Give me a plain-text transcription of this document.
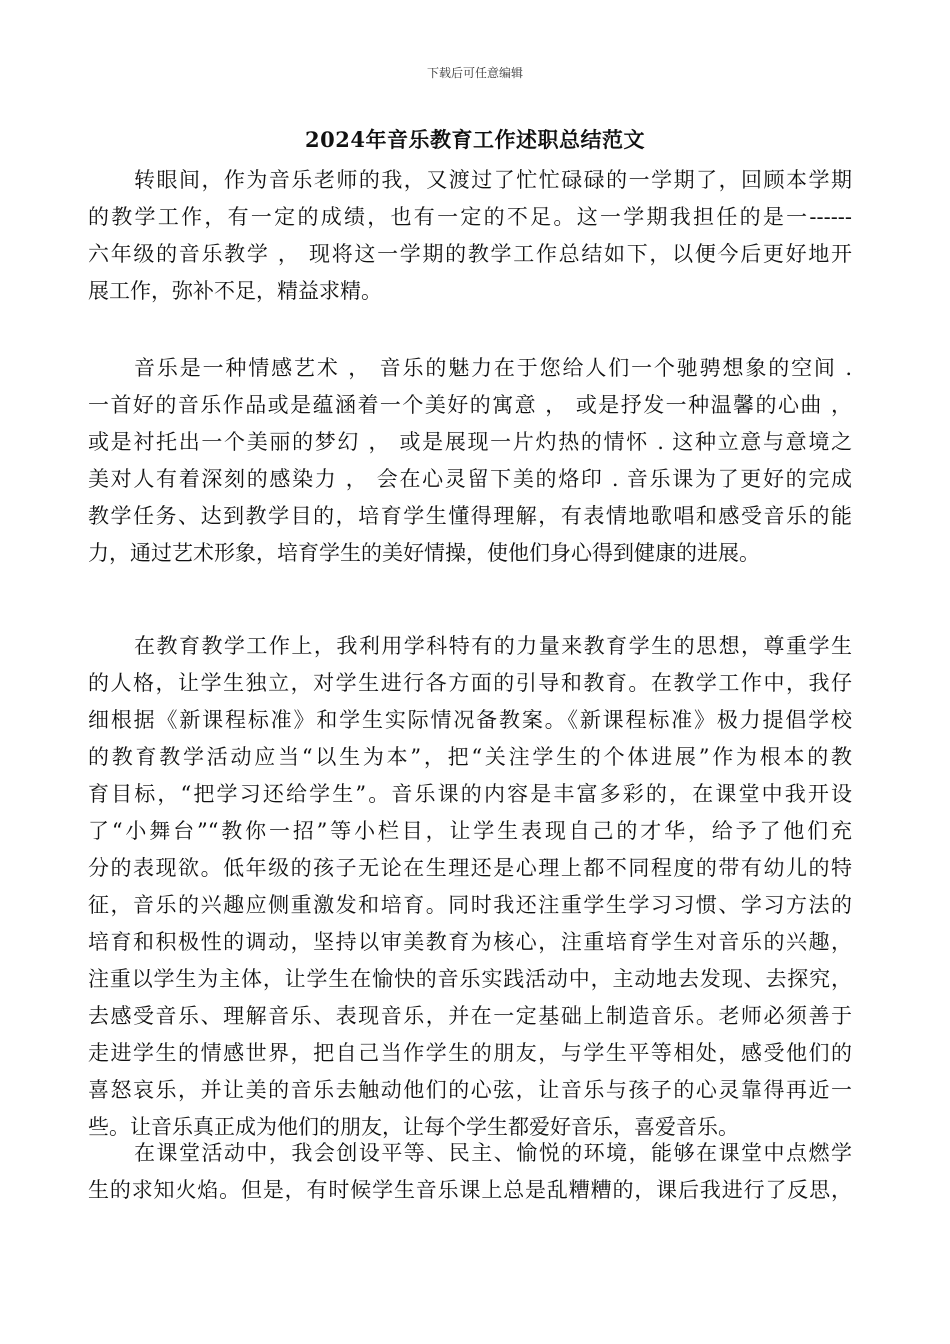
下载后可任意编辑
2024年音乐教育工作述职总结范文
转眼间，作为音乐老师的我，又渡过了忙忙碌碌的一学期了，回顾本学期
的教学工作，有一定的成绩，也有一定的不足。这一学期我担任的是一------
六年级的音乐教学 ， 现将这一学期的教学工作总结如下，以便今后更好地开
展工作，弥补不足，精益求精。
音乐是一种情感艺术 ， 音乐的魅力在于您给人们一个驰骋想象的空间 .
一首好的音乐作品或是蕴涵着一个美好的寓意 ， 或是抒发一种温馨的心曲 ，
或是衬托出一个美丽的梦幻 ， 或是展现一片灼热的情怀 . 这种立意与意境之
美对人有着深刻的感染力 ， 会在心灵留下美的烙印 . 音乐课为了更好的完成
教学任务、达到教学目的，培育学生懂得理解，有表情地歌唱和感受音乐的能
力，通过艺术形象，培育学生的美好情操，使他们身心得到健康的进展。
在教育教学工作上，我利用学科特有的力量来教育学生的思想，尊重学生
的人格，让学生独立，对学生进行各方面的引导和教育。在教学工作中，我仔
细根据《新课程标准》和学生实际情况备教案。《新课程标准》极力提倡学校
的教育教学活动应当“以生为本”，把“关注学生的个体进展”作为根本的教
育目标，“把学习还给学生”。音乐课的内容是丰富多彩的，在课堂中我开设
了“小舞台”“教你一招”等小栏目，让学生表现自己的才华，给予了他们充
分的表现欲。低年级的孩子无论在生理还是心理上都不同程度的带有幼儿的特
征，音乐的兴趣应侧重激发和培育。同时我还注重学生学习习惯、学习方法的
培育和积极性的调动，坚持以审美教育为核心，注重培育学生对音乐的兴趣，
注重以学生为主体，让学生在愉快的音乐实践活动中，主动地去发现、去探究，
去感受音乐、理解音乐、表现音乐，并在一定基础上制造音乐。老师必须善于
走进学生的情感世界，把自己当作学生的朋友，与学生平等相处，感受他们的
喜怒哀乐，并让美的音乐去触动他们的心弦，让音乐与孩子的心灵靠得再近一
些。让音乐真正成为他们的朋友，让每个学生都爱好音乐，喜爱音乐。
在课堂活动中，我会创设平等、民主、愉悦的环境，能够在课堂中点燃学
生的求知火焰。但是，有时候学生音乐课上总是乱糟糟的，课后我进行了反思，
